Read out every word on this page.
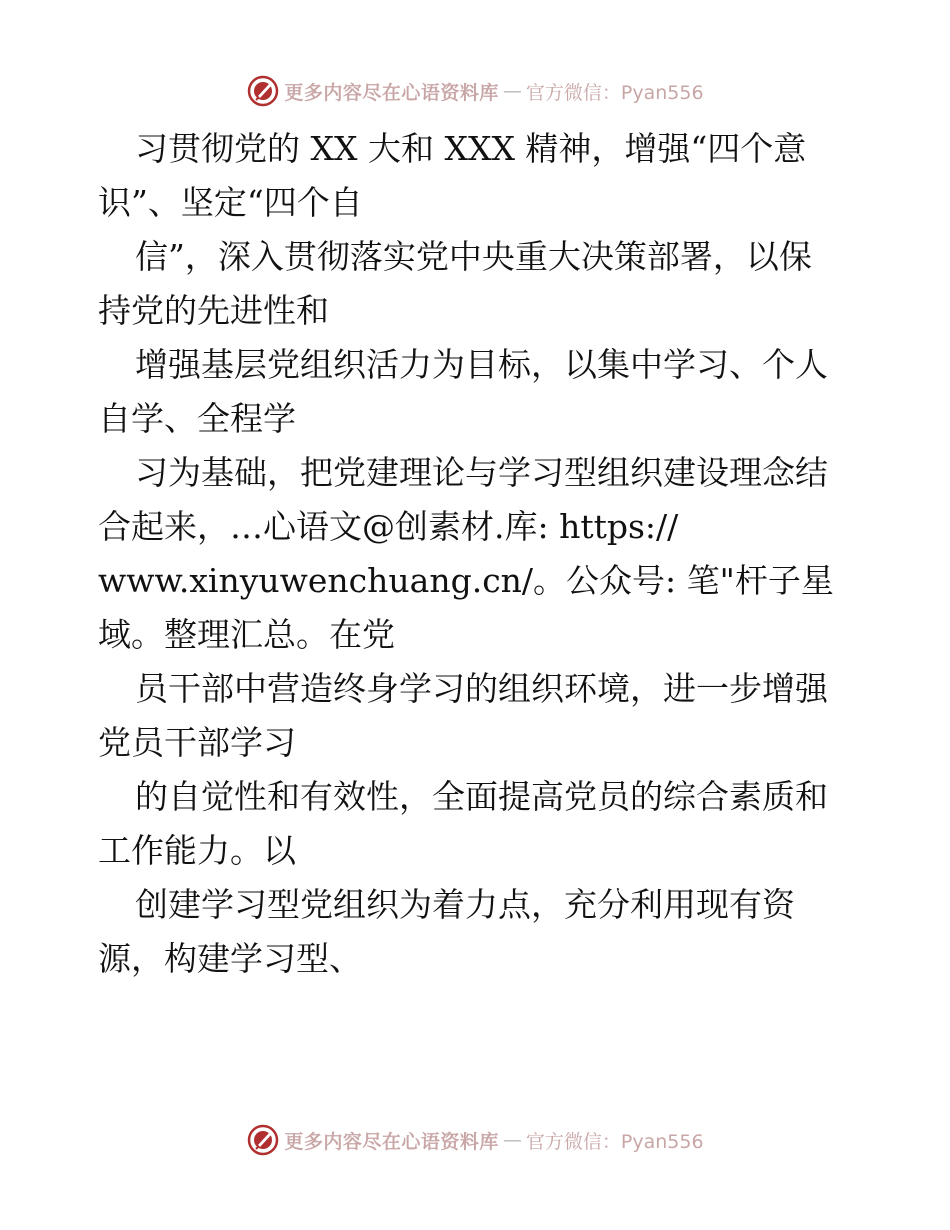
更多内容尽在心语资料库 — 官方微信：Pyan556
习贯彻党的 XX 大和 XXX 精神，增强“四个意
识”、坚定“四个自
信”，深入贯彻落实党中央重大决策部署，以保
持党的先进性和
增强基层党组织活力为目标，以集中学习、个人
自学、全程学
习为基础，把党建理论与学习型组织建设理念结
合起来，…心语文@创素材.库: https://
www.xinyuwenchuang.cn/。公众号: 笔"杆子星
域。整理汇总。在党
员干部中营造终身学习的组织环境，进一步增强
党员干部学习
的自觉性和有效性，全面提高党员的综合素质和
工作能力。以
创建学习型党组织为着力点，充分利用现有资
源，构建学习型、
更多内容尽在心语资料库 — 官方微信：Pyan556
